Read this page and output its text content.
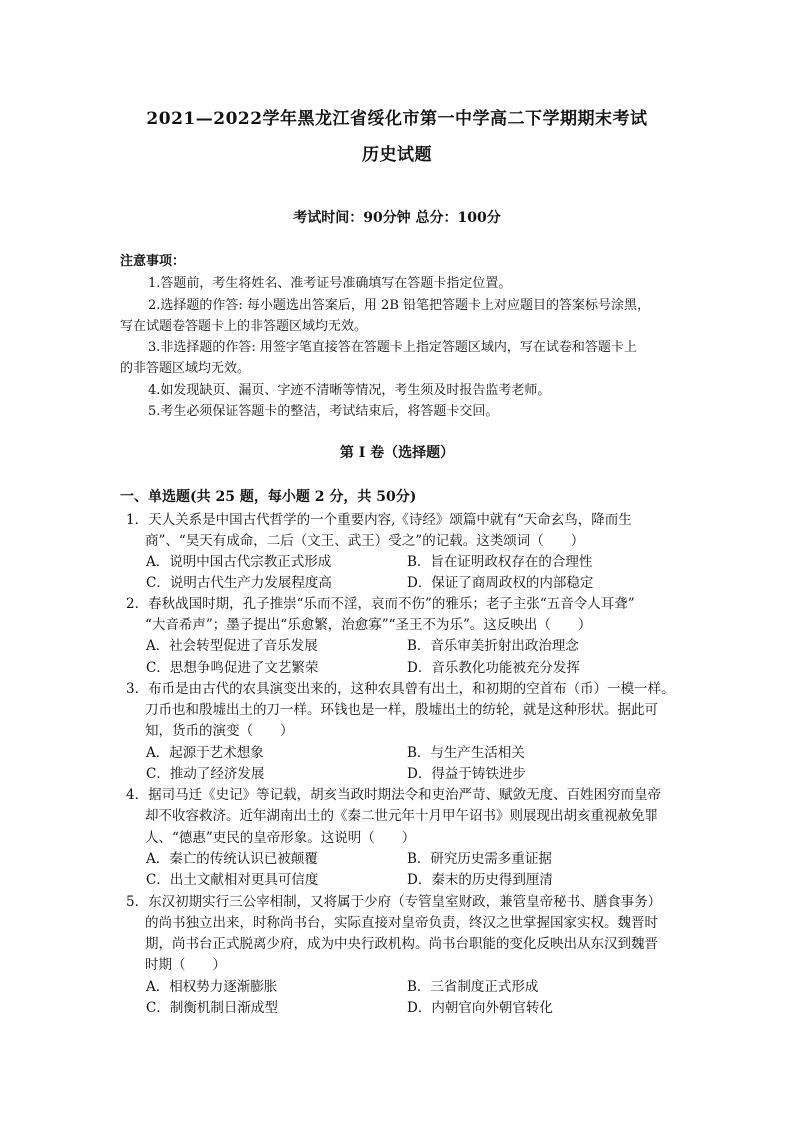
2021—2022学年黑龙江省绥化市第一中学高二下学期期末考试
历史试题
考试时间：90分钟 总分：100分
注意事项：
1.答题前，考生将姓名、准考证号准确填写在答题卡指定位置。
2.选择题的作答: 每小题选出答案后，用 2B 铅笔把答题卡上对应题目的答案标号涂黑，
写在试题卷答题卡上的非答题区域均无效。
3.非选择题的作答: 用签字笔直接答在答题卡上指定答题区域内，写在试卷和答题卡上
的非答题区域均无效。
4.如发现缺页、漏页、字迹不清晰等情况，考生须及时报告监考老师。
5.考生必须保证答题卡的整洁，考试结束后，将答题卡交回。
第 I 卷（选择题）
一、单选题(共 25 题，每小题 2 分，共 50分)
1．天人关系是中国古代哲学的一个重要内容,《诗经》颂篇中就有“天命玄鸟，降而生
商”、“昊天有成命，二后（文王、武王）受之”的记载。这类颂词（　　）
A．说明中国古代宗教正式形成	B．旨在证明政权存在的合理性
C．说明古代生产力发展程度高	D．保证了商周政权的内部稳定
2．春秋战国时期，孔子推崇“乐而不淫，哀而不伤”的雅乐；老子主张“五音令人耳聋”
“大音希声”；墨子提出“乐愈繁，治愈寡”“圣王不为乐”。这反映出（　　）
A．社会转型促进了音乐发展	B．音乐审美折射出政治理念
C．思想争鸣促进了文艺繁荣	D．音乐教化功能被充分发挥
3．布币是由古代的农具演变出来的，这种农具曾有出土，和初期的空首布（币）一模一样。
刀币也和殷墟出土的刀一样。环钱也是一样，殷墟出土的纺轮，就是这种形状。据此可
知，货币的演变（　　）
A．起源于艺术想象	B．与生产生活相关
C．推动了经济发展	D．得益于铸铁进步
4．据司马迁《史记》等记载，胡亥当政时期法令和吏治严苛、赋敛无度、百姓困穷而皇帝
却不收容救济。近年湖南出土的《秦二世元年十月甲午诏书》则展现出胡亥重视赦免罪
人、“德惠”吏民的皇帝形象。这说明（　　）
A．秦亡的传统认识已被颠覆	B．研究历史需多重证据
C．出土文献相对更具可信度	D．秦末的历史得到厘清
5．东汉初期实行三公宰相制，又将属于少府（专管皇室财政，兼管皇帝秘书、膳食事务）
的尚书独立出来，时称尚书台，实际直接对皇帝负责，终汉之世掌握国家实权。魏晋时
期，尚书台正式脱离少府，成为中央行政机构。尚书台职能的变化反映出从东汉到魏晋
时期（　　）
A．相权势力逐渐膨胀	B．三省制度正式形成
C．制衡机制日渐成型	D．内朝官向外朝官转化
